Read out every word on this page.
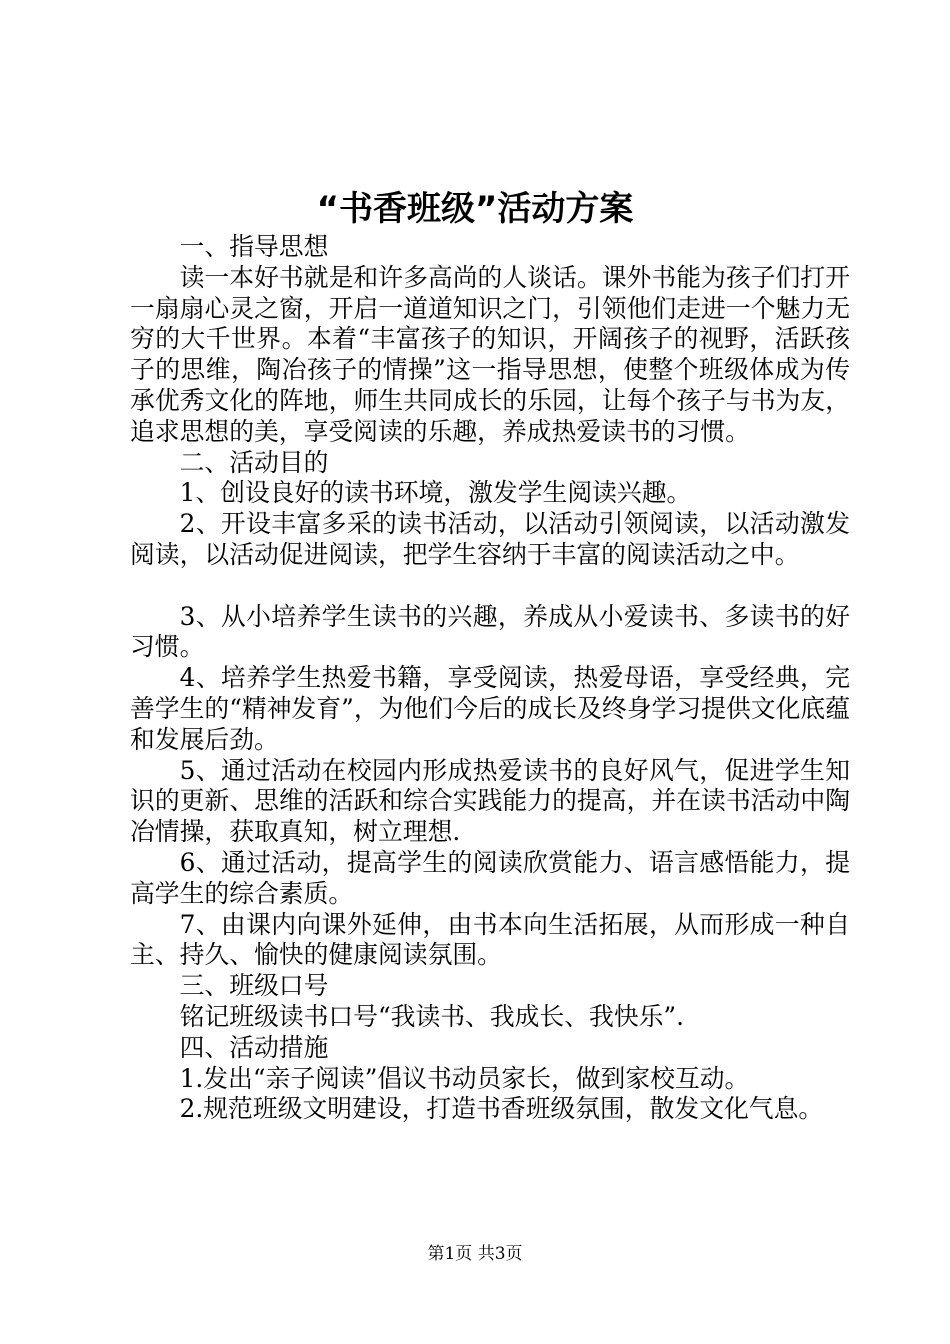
“书香班级”活动方案

一、指导思想

读一本好书就是和许多高尚的人谈话。课外书能为孩子们打开一扇扇心灵之窗，开启一道道知识之门，引领他们走进一个魅力无穷的大千世界。本着“丰富孩子的知识，开阔孩子的视野，活跃孩子的思维，陶冶孩子的情操”这一指导思想，使整个班级体成为传承优秀文化的阵地，师生共同成长的乐园，让每个孩子与书为友，追求思想的美，享受阅读的乐趣，养成热爱读书的习惯。

二、活动目的

1、创设良好的读书环境，激发学生阅读兴趣。

2、开设丰富多采的读书活动，以活动引领阅读，以活动激发阅读，以活动促进阅读，把学生容纳于丰富的阅读活动之中。

3、从小培养学生读书的兴趣，养成从小爱读书、多读书的好习惯。

4、培养学生热爱书籍，享受阅读，热爱母语，享受经典，完善学生的“精神发育”，为他们今后的成长及终身学习提供文化底蕴和发展后劲。

5、通过活动在校园内形成热爱读书的良好风气，促进学生知识的更新、思维的活跃和综合实践能力的提高，并在读书活动中陶冶情操，获取真知，树立理想.

6、通过活动，提高学生的阅读欣赏能力、语言感悟能力，提高学生的综合素质。

7、由课内向课外延伸，由书本向生活拓展，从而形成一种自主、持久、愉快的健康阅读氛围。

三、班级口号

铭记班级读书口号“我读书、我成长、我快乐”.

四、活动措施

1.发出“亲子阅读”倡议书动员家长，做到家校互动。

2.规范班级文明建设，打造书香班级氛围，散发文化气息。

第1页 共3页
